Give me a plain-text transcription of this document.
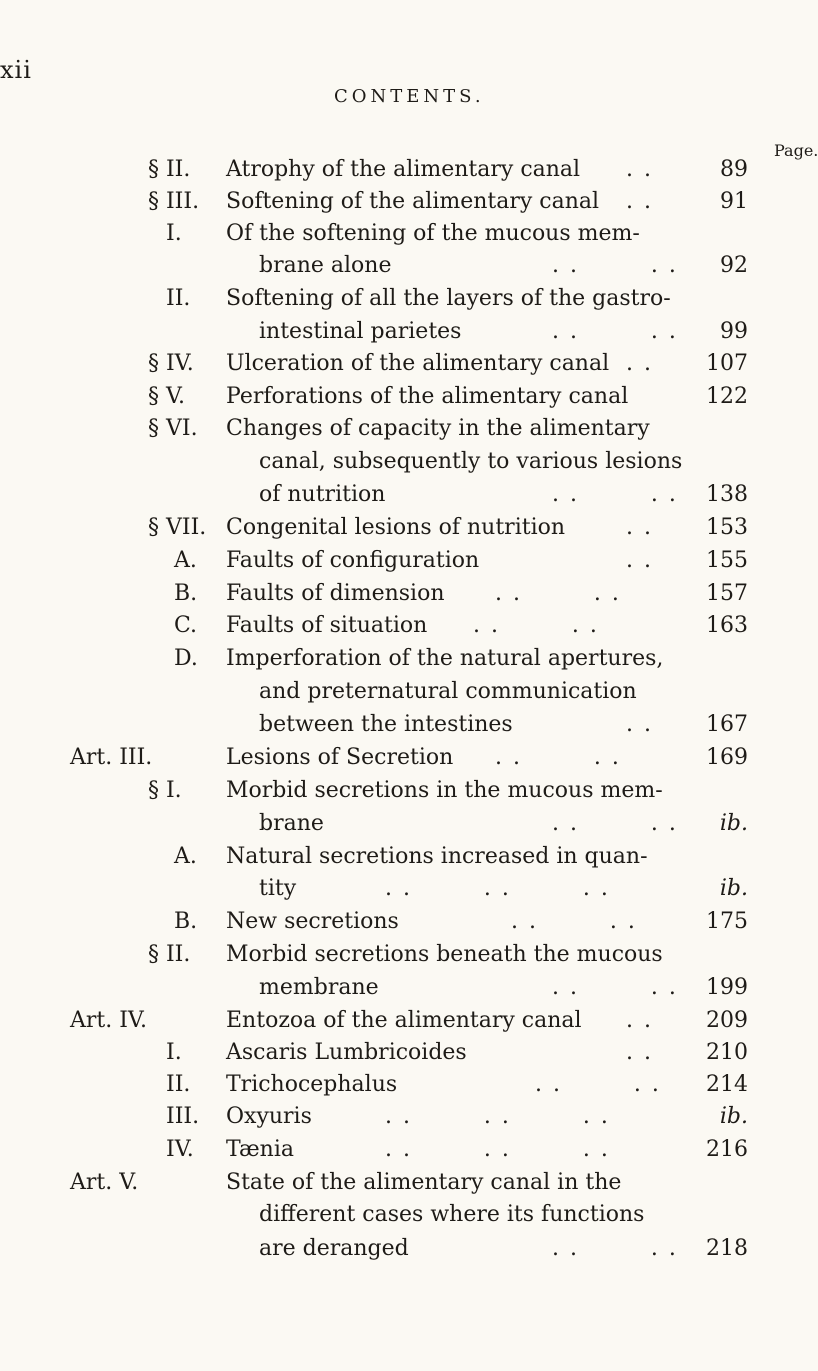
xii
CONTENTS.
Page.
§ II. Atrophy of the alimentary canal . .	89
§ III. Softening of the alimentary canal . .	91
I. Of the softening of the mucous mem-
brane alone	. .        . . 92
II. Softening of all the layers of the gastro-
intestinal parietes	. .        . . 99
§ IV. Ulceration of the alimentary canal . . 107
§ V. Perforations of the alimentary canal	122
§ VI. Changes of capacity in the alimentary
canal, subsequently to various lesions
of nutrition	. .        . . 138
§ VII. Congenital lesions of nutrition	. . 153
A. Faults of configuration	. . 155
B. Faults of dimension . .        . .	157
C. Faults of situation . .        . .	163
D. Imperforation of the natural apertures,
and preternatural communication
between the intestines	. . 167
Art. III.	Lesions of Secretion . .        . .	169
§ I. Morbid secretions in the mucous mem-
brane	. .        . . ib.
A. Natural secretions increased in quan-
tity	. .        . .        . .	ib.
B. New secretions	. .        . .	175
§ II. Morbid secretions beneath the mucous
membrane	. .        . . 199
Art. IV.	Entozoa of the alimentary canal . . 209
I. Ascaris Lumbricoides	. . 210
II. Trichocephalus	. .        . . 214
III. Oxyuris	. .        . .        . .	ib.
IV. Tænia	. .        . .        . .	216
Art. V.	State of the alimentary canal in the
different cases where its functions
are deranged	. .        . . 218
